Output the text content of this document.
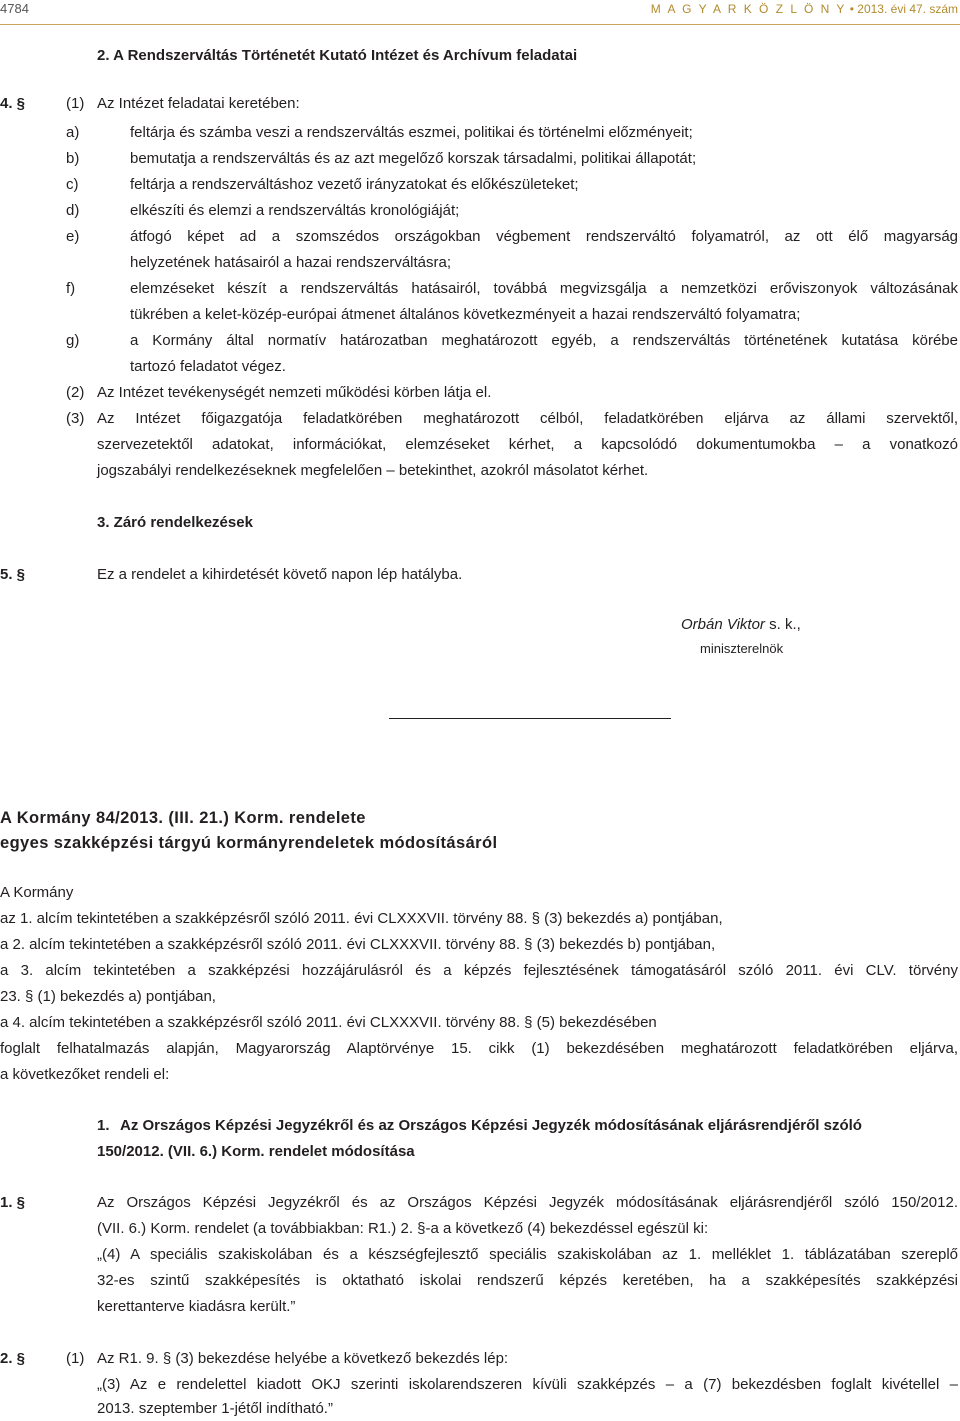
4784	M A G Y A R K Ö Z L Ö N Y • 2013. évi 47. szám
2. A Rendszerváltás Történetét Kutató Intézet és Archívum feladatai
4. §	(1) Az Intézet feladatai keretében:
a)	feltárja és számba veszi a rendszerváltás eszmei, politikai és történelmi előzményeit;
b)	bemutatja a rendszerváltás és az azt megelőző korszak társadalmi, politikai állapotát;
c)	feltárja a rendszerváltáshoz vezető irányzatokat és előkészületeket;
d)	elkészíti és elemzi a rendszerváltás kronológiáját;
e)	átfogó képet ad a szomszédos országokban végbement rendszerváltó folyamatról, az ott élő magyarság
helyzetének hatásairól a hazai rendszerváltásra;
f)	elemzéseket készít a rendszerváltás hatásairól, továbbá megvizsgálja a nemzetközi erőviszonyok változásának
tükrében a kelet-közép-európai átmenet általános következményeit a hazai rendszerváltó folyamatra;
g)	a Kormány által normatív határozatban meghatározott egyéb, a rendszerváltás történetének kutatása körébe
tartozó feladatot végez.
(2) Az Intézet tevékenységét nemzeti működési körben látja el.
(3) Az Intézet főigazgatója feladatkörében meghatározott célból, feladatkörében eljárva az állami szervektől,
szervezetektől adatokat, információkat, elemzéseket kérhet, a kapcsolódó dokumentumokba – a vonatkozó
jogszabályi rendelkezéseknek megfelelően – betekinthet, azokról másolatot kérhet.
3. Záró rendelkezések
5. §	Ez a rendelet a kihirdetését követő napon lép hatályba.
Orbán Viktor s. k.,
miniszterelnök
A Kormány 84/2013. (III. 21.) Korm. rendelete
egyes szakképzési tárgyú kormányrendeletek módosításáról
A Kormány
az 1. alcím tekintetében a szakképzésről szóló 2011. évi CLXXXVII. törvény 88. § (3) bekezdés a) pontjában,
a 2. alcím tekintetében a szakképzésről szóló 2011. évi CLXXXVII. törvény 88. § (3) bekezdés b) pontjában,
a 3. alcím tekintetében a szakképzési hozzájárulásról és a képzés fejlesztésének támogatásáról szóló 2011. évi CLV. törvény
23. § (1) bekezdés a) pontjában,
a 4. alcím tekintetében a szakképzésről szóló 2011. évi CLXXXVII. törvény 88. § (5) bekezdésében
foglalt felhatalmazás alapján, Magyarország Alaptörvénye 15. cikk (1) bekezdésében meghatározott feladatkörében eljárva,
a következőket rendeli el:
1. Az Országos Képzési Jegyzékről és az Országos Képzési Jegyzék módosításának eljárásrendjéről szóló
150/2012. (VII. 6.) Korm. rendelet módosítása
1. §	Az Országos Képzési Jegyzékről és az Országos Képzési Jegyzék módosításának eljárásrendjéről szóló 150/2012.
(VII. 6.) Korm. rendelet (a továbbiakban: R1.) 2. §-a a következő (4) bekezdéssel egészül ki:
„(4) A speciális szakiskolában és a készségfejlesztő speciális szakiskolában az 1. melléklet 1. táblázatában szereplő
32-es szintű szakképesítés is oktatható iskolai rendszerű képzés keretében, ha a szakképesítés szakképzési
kerettanterve kiadásra került.”
2. §	(1) Az R1. 9. § (3) bekezdése helyébe a következő bekezdés lép:
„(3) Az e rendelettel kiadott OKJ szerinti iskolarendszeren kívüli szakképzés – a (7) bekezdésben foglalt kivétellel –
2013. szeptember 1-jétől indítható.”
